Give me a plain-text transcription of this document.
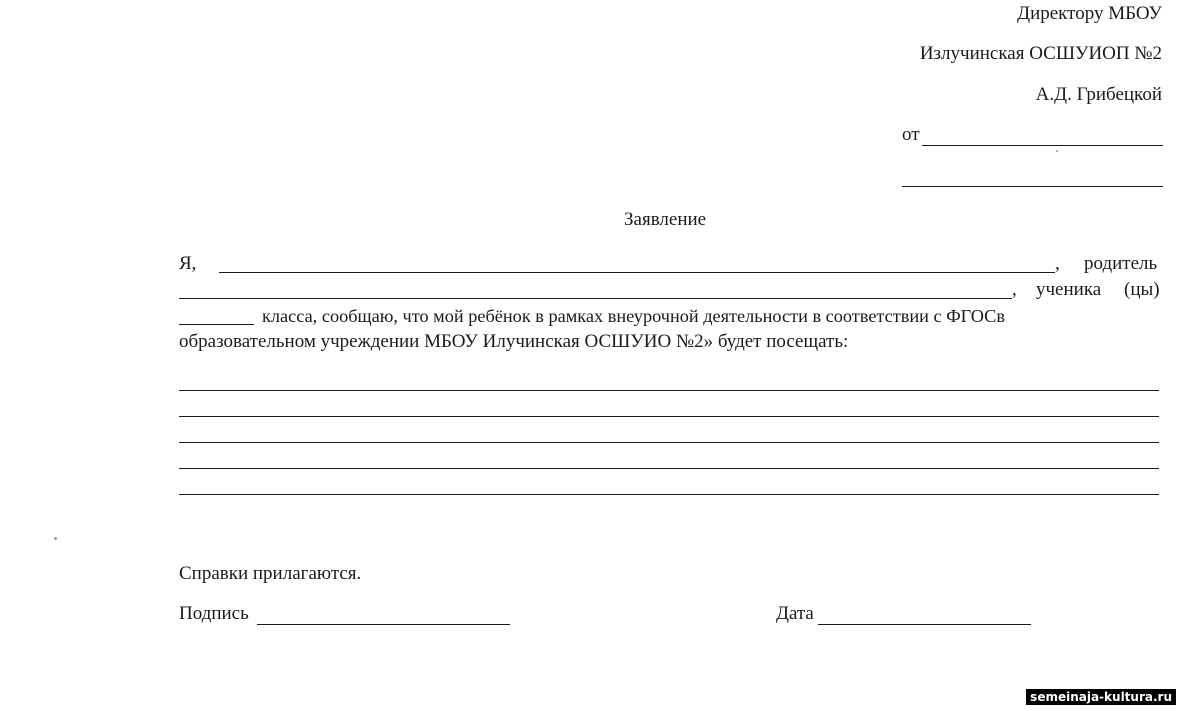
Директору МБОУ
Излучинская ОСШУИОП №2
А.Д. Грибецкой
от
Заявление
Я,	, родитель
, ученика (цы)
класса, сообщаю, что мой ребёнок в рамках внеурочной деятельности в соответствии с ФГОСв
образовательном учреждении МБОУ Илучинская ОСШУИО №2» будет посещать:
Справки прилагаются.
Подпись	Дата
semeinaja-kultura.ru
